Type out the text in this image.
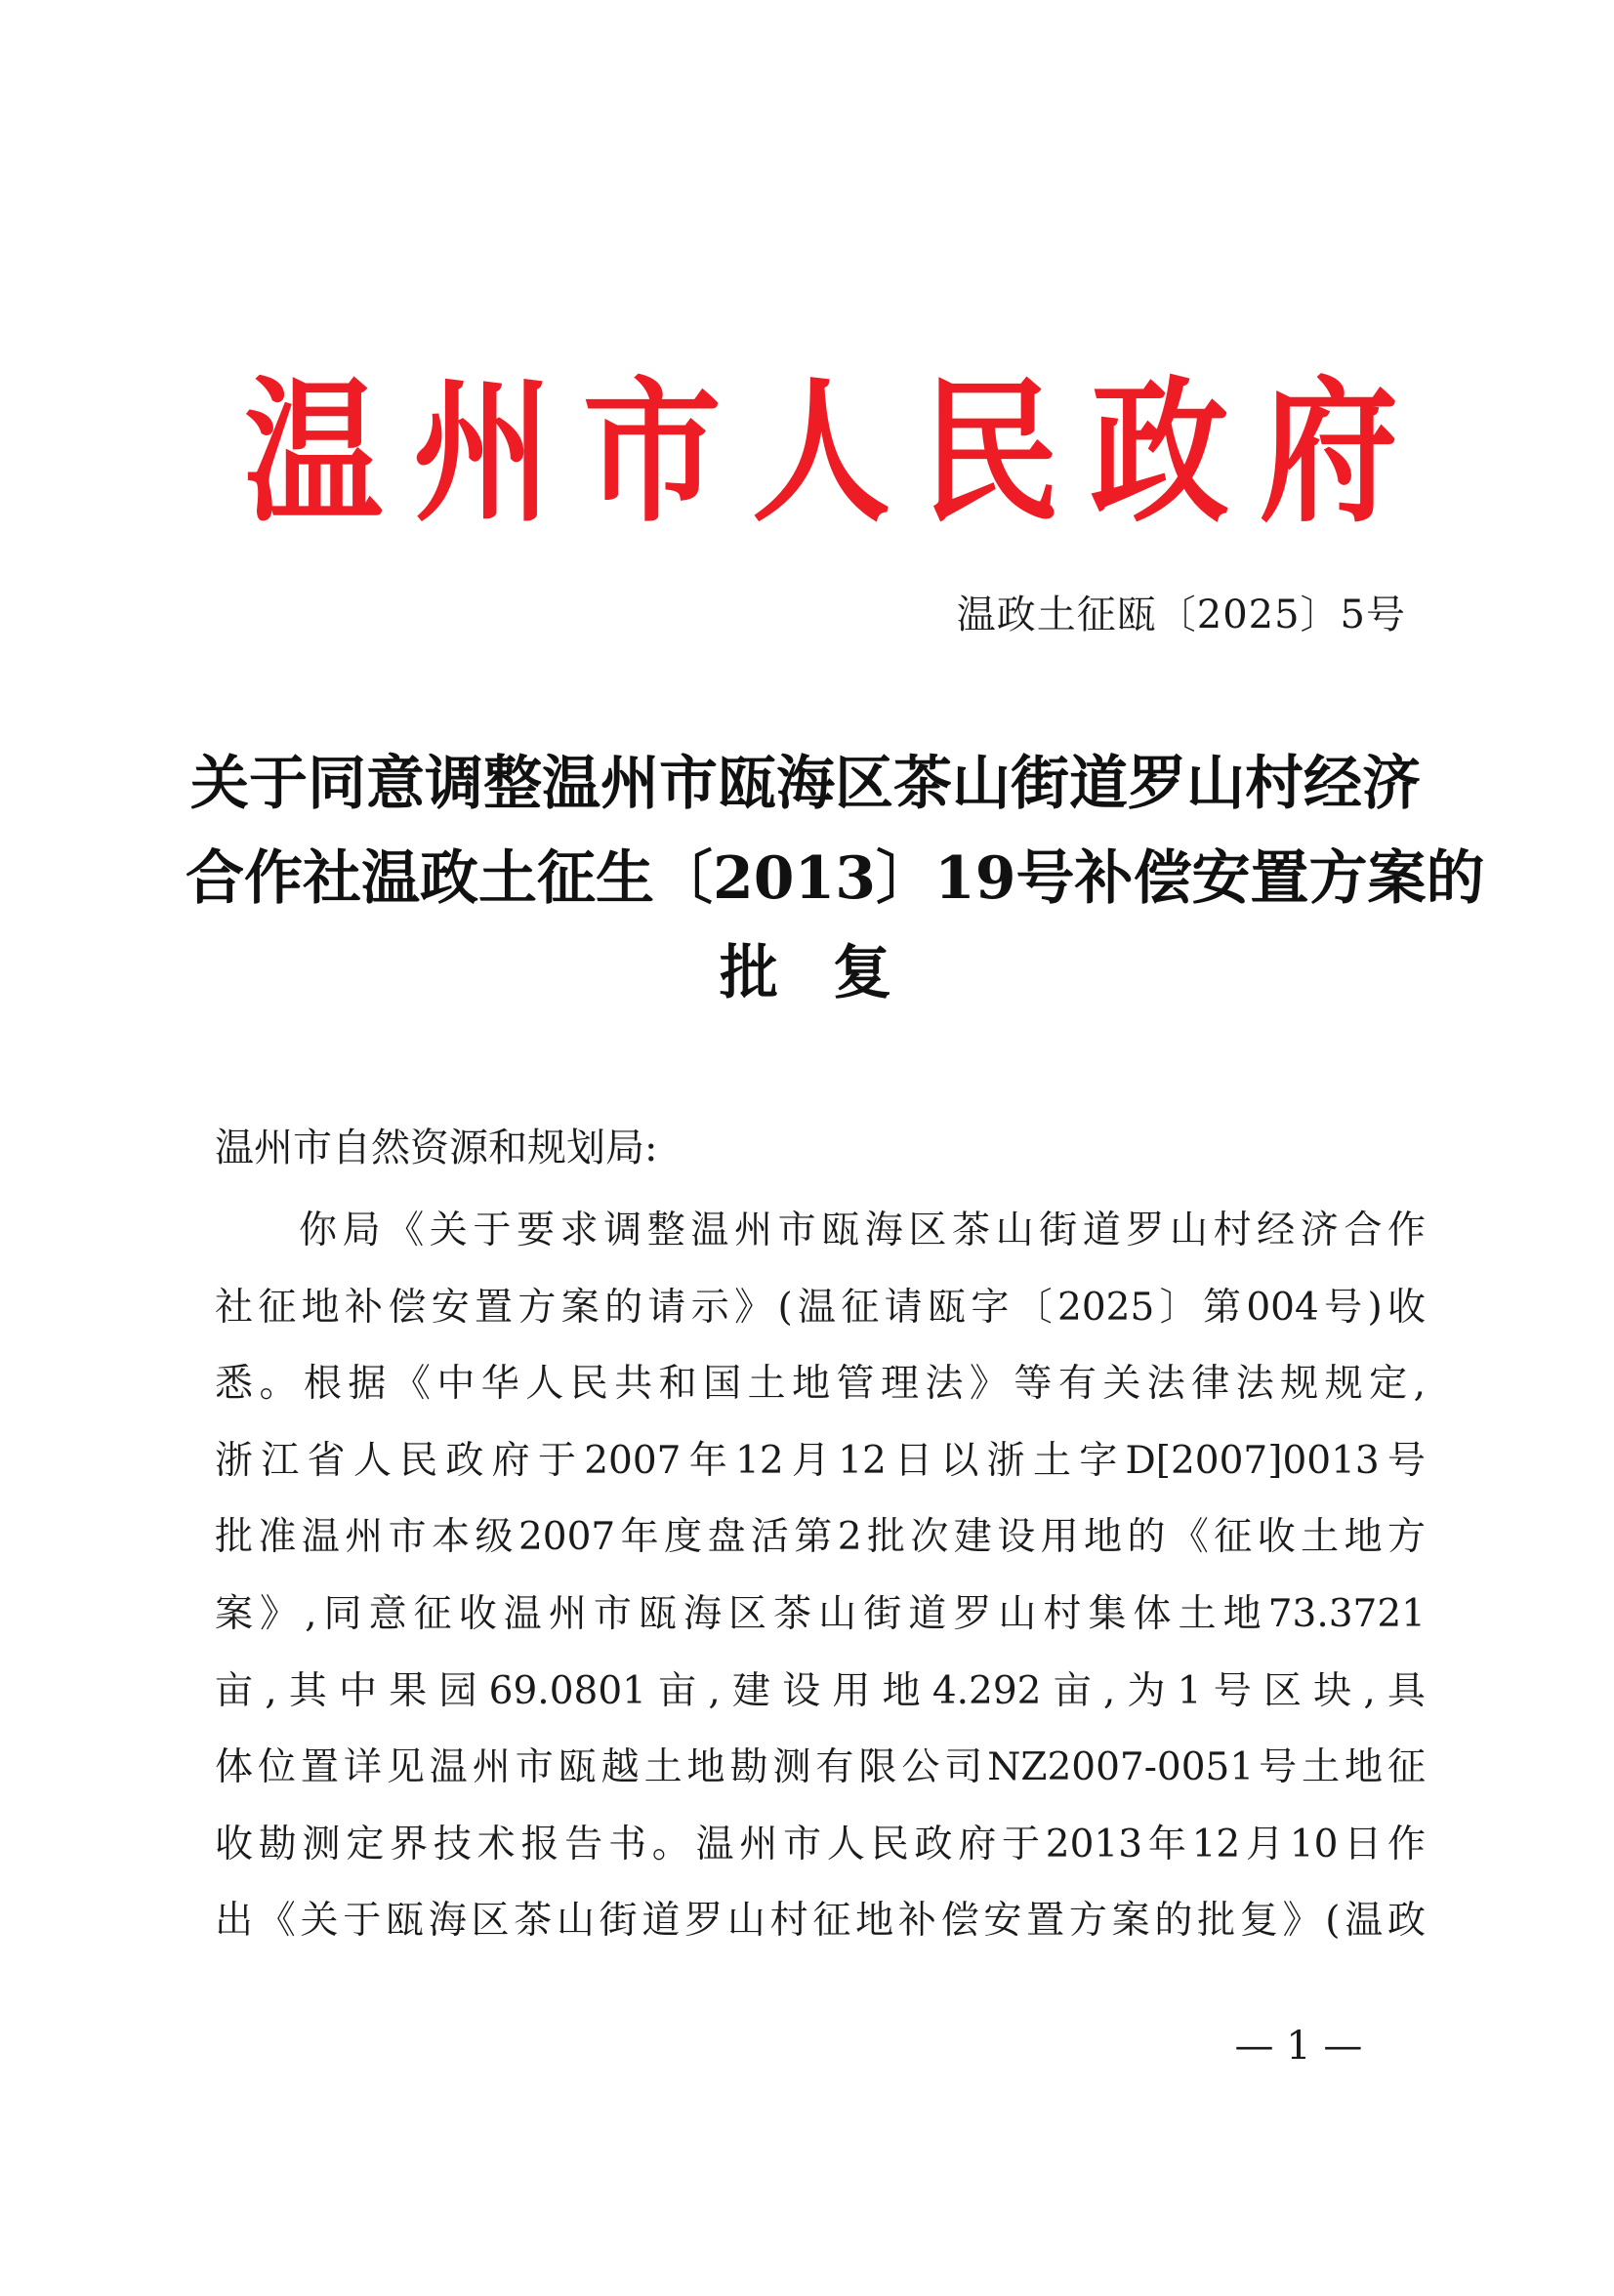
温 州 市 人 民 政 府
温政土征瓯〔2025〕5号
关于同意调整温州市瓯海区茶山街道罗山村经济
合作社温政土征生〔2013〕19号补偿安置方案的
批复
温州市自然资源和规划局:
你局《关于要求调整温州市瓯海区茶山街道罗山村经济合作
社征地补偿安置方案的请示》(温征请瓯字〔2025〕第004号)收
悉。根据《中华人民共和国土地管理法》等有关法律法规规定,
浙江省人民政府于2007年12月12日以浙土字D[2007]0013号
批准温州市本级2007年度盘活第2批次建设用地的《征收土地方
案》,同意征收温州市瓯海区茶山街道罗山村集体土地73.3721
亩,其中果园69.0801亩,建设用地4.292亩,为1号区块,具
体位置详见温州市瓯越土地勘测有限公司NZ2007-0051号土地征
收勘测定界技术报告书。温州市人民政府于2013年12月10日作
出《关于瓯海区茶山街道罗山村征地补偿安置方案的批复》(温政
— 1 —
